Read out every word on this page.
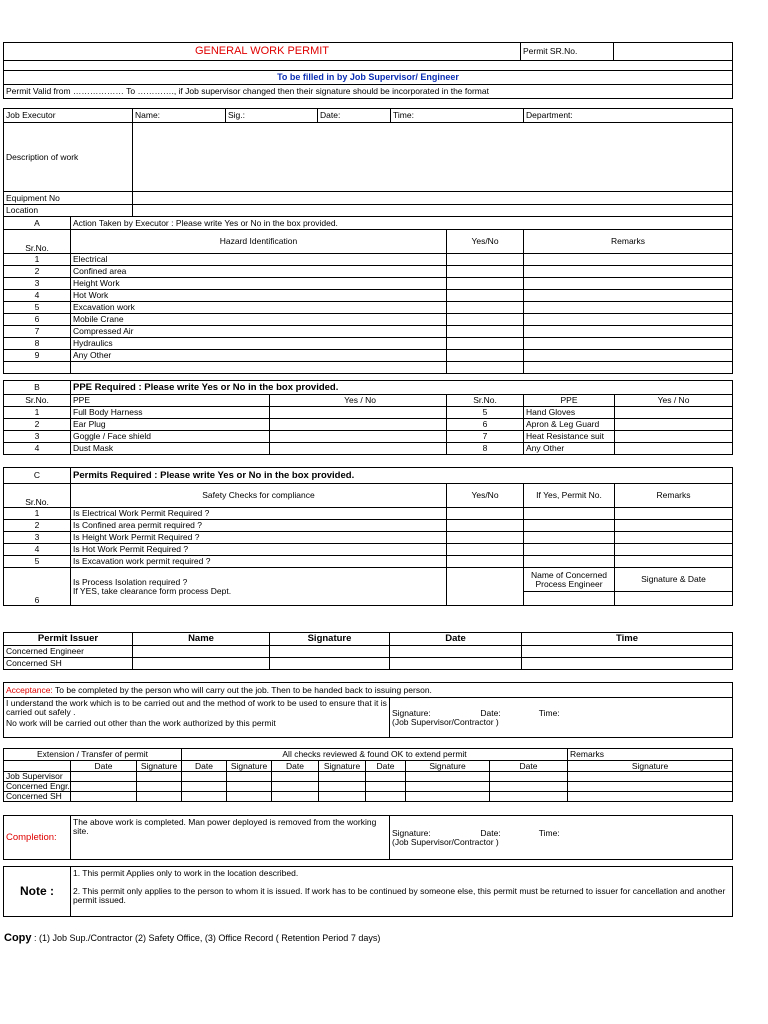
GENERAL WORK PERMIT	Permit SR.No.	

To be filled in by Job Supervisor/ Engineer
Permit Valid from ……………… To …………., if Job supervisor changed then their signature should be incorporated in the format
Job Executor	Name:	Sig.:	Date:	Time:	Department:
Description of work					
Equipment No					
Location					
A	Action Taken by Executor : Please write Yes or No in the box provided.		
Sr.No.	Hazard Identification	Yes/No	Remarks
1	Electrical		
2	Confined area		
3	Height Work		
4	Hot Work		
5	Excavation work		
6	Mobile Crane		
7	Compressed Air		
8	Hydraulics		
9	Any Other		

B	PPE Required : Please write Yes or No in the box provided.				
Sr.No.	PPE	Yes / No	Sr.No.	PPE	Yes / No
1	Full Body Harness		5	Hand Gloves	
2	Ear Plug		6	Apron & Leg Guard	
3	Goggle / Face shield		7	Heat Resistance suit	
4	Dust Mask		8	Any Other	
C	Permits Required : Please write Yes or No in the box provided.			
Sr.No.	Safety Checks for compliance	Yes/No	If Yes, Permit No.	Remarks
1	Is Electrical Work Permit Required ?			
2	Is Confined area permit required ?			
3	Is Height Work Permit Required ?			
4	Is Hot Work Permit Required ?			
5	Is Excavation work permit required ?			
6	Is Process Isolation required ?
If YES, take clearance form process Dept.		Name of Concerned Process Engineer	Signature & Date

Permit Issuer	Name	Signature	Date	Time
Concerned Engineer				
Concerned SH				
Acceptance: To be completed by the person who will carry out the job. Then to be handed back to issuing person.

I understand the work which is to be carried out and the method of work to be used to ensure that it is carried out safely .
No work will be carried out other than the work authorized by this permit

Signature:	Date:	Time:
(Job Supervisor/Contractor )
Extension / Transfer of permit			All checks reviewed & found OK to extend permit							Remarks
	Date	Signature	Date	Signature	Date	Signature	Date	Signature	Date	Signature
Job Supervisor										
Concerned Engr.										
Concerned SH										
Completion:	The above work is completed. Man power deployed is removed from the working site.	Signature:	Date:	Time:
(Job Supervisor/Contractor )
Note :	
1. This permit Applies only to work in the location described.
2. This permit only applies to the person to whom it is issued. If work has to be continued by someone else, this permit must be returned to issuer for cancellation and another permit issued.
Copy : (1) Job Sup./Contractor (2) Safety Office, (3) Office Record ( Retention Period 7 days)
